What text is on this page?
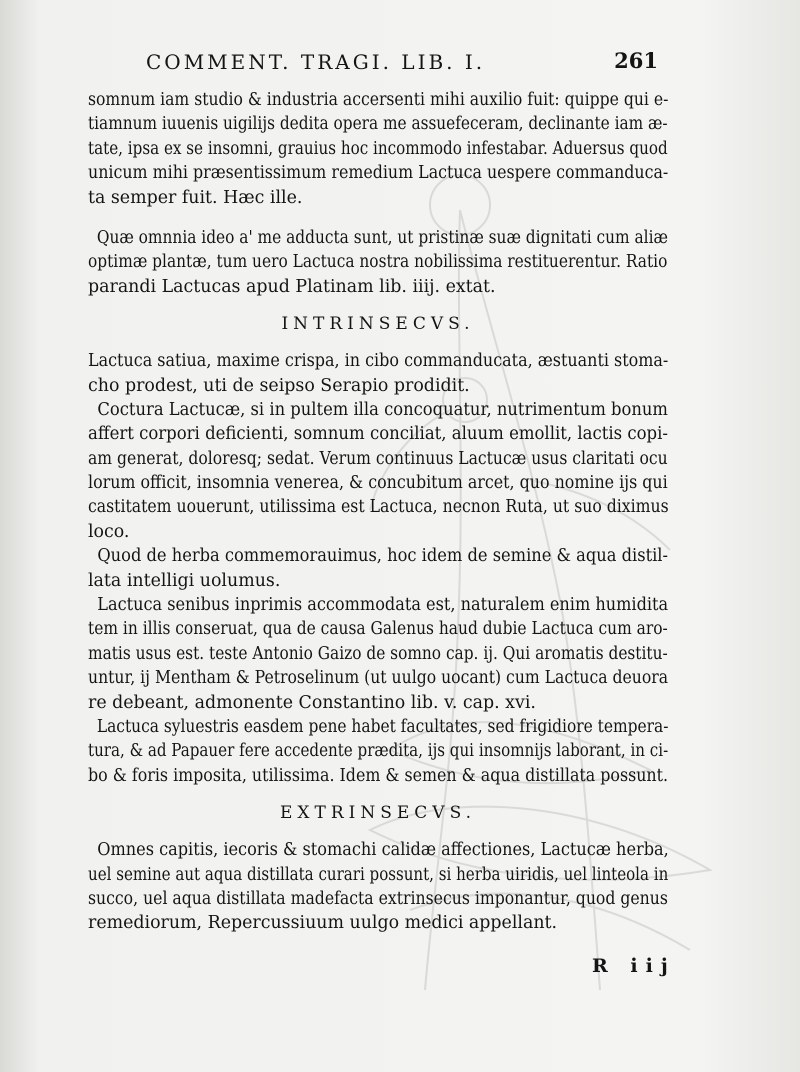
COMMENT. TRAGI. LIB. I.	261
somnum iam studio & industria accersenti mihi auxilio fuit: quippe qui e-
tiamnum iuuenis uigilijs dedita opera me assuefeceram, declinante iam æ-
tate, ipsa ex se insomni, grauius hoc incommodo infestabar. Aduersus quod
unicum mihi præsentissimum remedium Lactuca uespere commanduca-
ta semper fuit. Hæc ille.
Quæ omnnia ideo a' me adducta sunt, ut pristinæ suæ dignitati cum aliæ
optimæ plantæ, tum uero Lactuca nostra nobilissima restituerentur. Ratio
parandi Lactucas apud Platinam lib. iiij. extat.
INTRINSECVS.
Lactuca satiua, maxime crispa, in cibo commanducata, æstuanti stoma-
cho prodest, uti de seipso Serapio prodidit.
Coctura Lactucæ, si in pultem illa concoquatur, nutrimentum bonum
affert corpori deficienti, somnum conciliat, aluum emollit, lactis copi-
am generat, doloresq; sedat. Verum continuus Lactucæ usus claritati ocu
lorum officit, insomnia venerea, & concubitum arcet, quo nomine ijs qui
castitatem uouerunt, utilissima est Lactuca, necnon Ruta, ut suo diximus
loco.
Quod de herba commemorauimus, hoc idem de semine & aqua distil-
lata intelligi uolumus.
Lactuca senibus inprimis accommodata est, naturalem enim humidita
tem in illis conseruat, qua de causa Galenus haud dubie Lactuca cum aro-
matis usus est. teste Antonio Gaizo de somno cap. ij. Qui aromatis destitu-
untur, ij Mentham & Petroselinum (ut uulgo uocant) cum Lactuca deuora
re debeant, admonente Constantino lib. v. cap. xvi.
Lactuca syluestris easdem pene habet facultates, sed frigidiore tempera-
tura, & ad Papauer fere accedente prædita, ijs qui insomnijs laborant, in ci-
bo & foris imposita, utilissima. Idem & semen & aqua distillata possunt.
EXTRINSECVS.
Omnes capitis, iecoris & stomachi calidæ affectiones, Lactucæ herba,
uel semine aut aqua distillata curari possunt, si herba uiridis, uel linteola in
succo, uel aqua distillata madefacta extrinsecus imponantur, quod genus
remediorum, Repercussiuum uulgo medici appellant.
R iij
